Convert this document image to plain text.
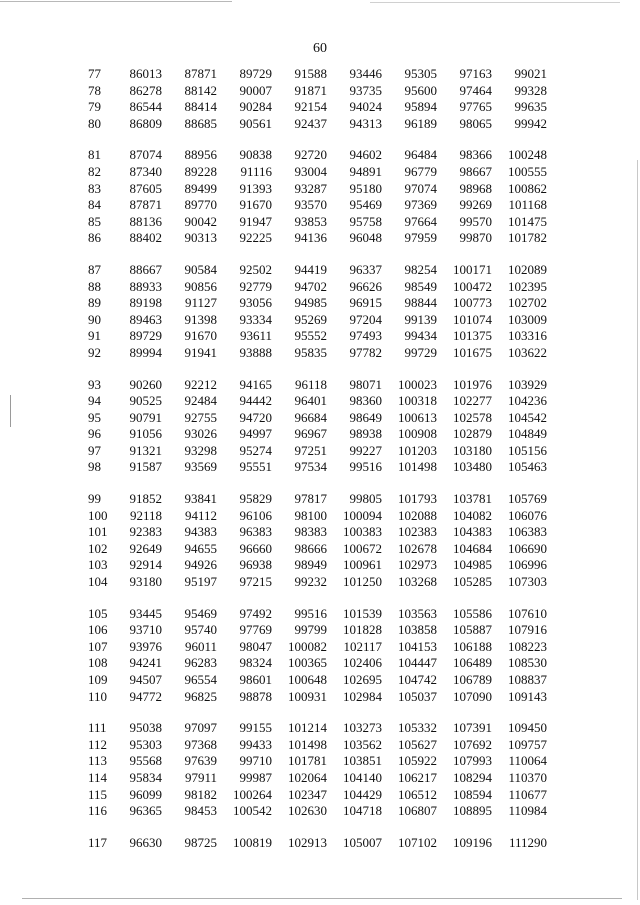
60
77	86013	87871	89729	91588	93446	95305	97163	99021
78	86278	88142	90007	91871	93735	95600	97464	99328
79	86544	88414	90284	92154	94024	95894	97765	99635
80	86809	88685	90561	92437	94313	96189	98065	99942
81	87074	88956	90838	92720	94602	96484	98366	100248
82	87340	89228	91116	93004	94891	96779	98667	100555
83	87605	89499	91393	93287	95180	97074	98968	100862
84	87871	89770	91670	93570	95469	97369	99269	101168
85	88136	90042	91947	93853	95758	97664	99570	101475
86	88402	90313	92225	94136	96048	97959	99870	101782
87	88667	90584	92502	94419	96337	98254	100171	102089
88	88933	90856	92779	94702	96626	98549	100472	102395
89	89198	91127	93056	94985	96915	98844	100773	102702
90	89463	91398	93334	95269	97204	99139	101074	103009
91	89729	91670	93611	95552	97493	99434	101375	103316
92	89994	91941	93888	95835	97782	99729	101675	103622
93	90260	92212	94165	96118	98071	100023	101976	103929
94	90525	92484	94442	96401	98360	100318	102277	104236
95	90791	92755	94720	96684	98649	100613	102578	104542
96	91056	93026	94997	96967	98938	100908	102879	104849
97	91321	93298	95274	97251	99227	101203	103180	105156
98	91587	93569	95551	97534	99516	101498	103480	105463
99	91852	93841	95829	97817	99805	101793	103781	105769
100	92118	94112	96106	98100	100094	102088	104082	106076
101	92383	94383	96383	98383	100383	102383	104383	106383
102	92649	94655	96660	98666	100672	102678	104684	106690
103	92914	94926	96938	98949	100961	102973	104985	106996
104	93180	95197	97215	99232	101250	103268	105285	107303
105	93445	95469	97492	99516	101539	103563	105586	107610
106	93710	95740	97769	99799	101828	103858	105887	107916
107	93976	96011	98047	100082	102117	104153	106188	108223
108	94241	96283	98324	100365	102406	104447	106489	108530
109	94507	96554	98601	100648	102695	104742	106789	108837
110	94772	96825	98878	100931	102984	105037	107090	109143
111	95038	97097	99155	101214	103273	105332	107391	109450
112	95303	97368	99433	101498	103562	105627	107692	109757
113	95568	97639	99710	101781	103851	105922	107993	110064
114	95834	97911	99987	102064	104140	106217	108294	110370
115	96099	98182	100264	102347	104429	106512	108594	110677
116	96365	98453	100542	102630	104718	106807	108895	110984
117	96630	98725	100819	102913	105007	107102	109196	111290
